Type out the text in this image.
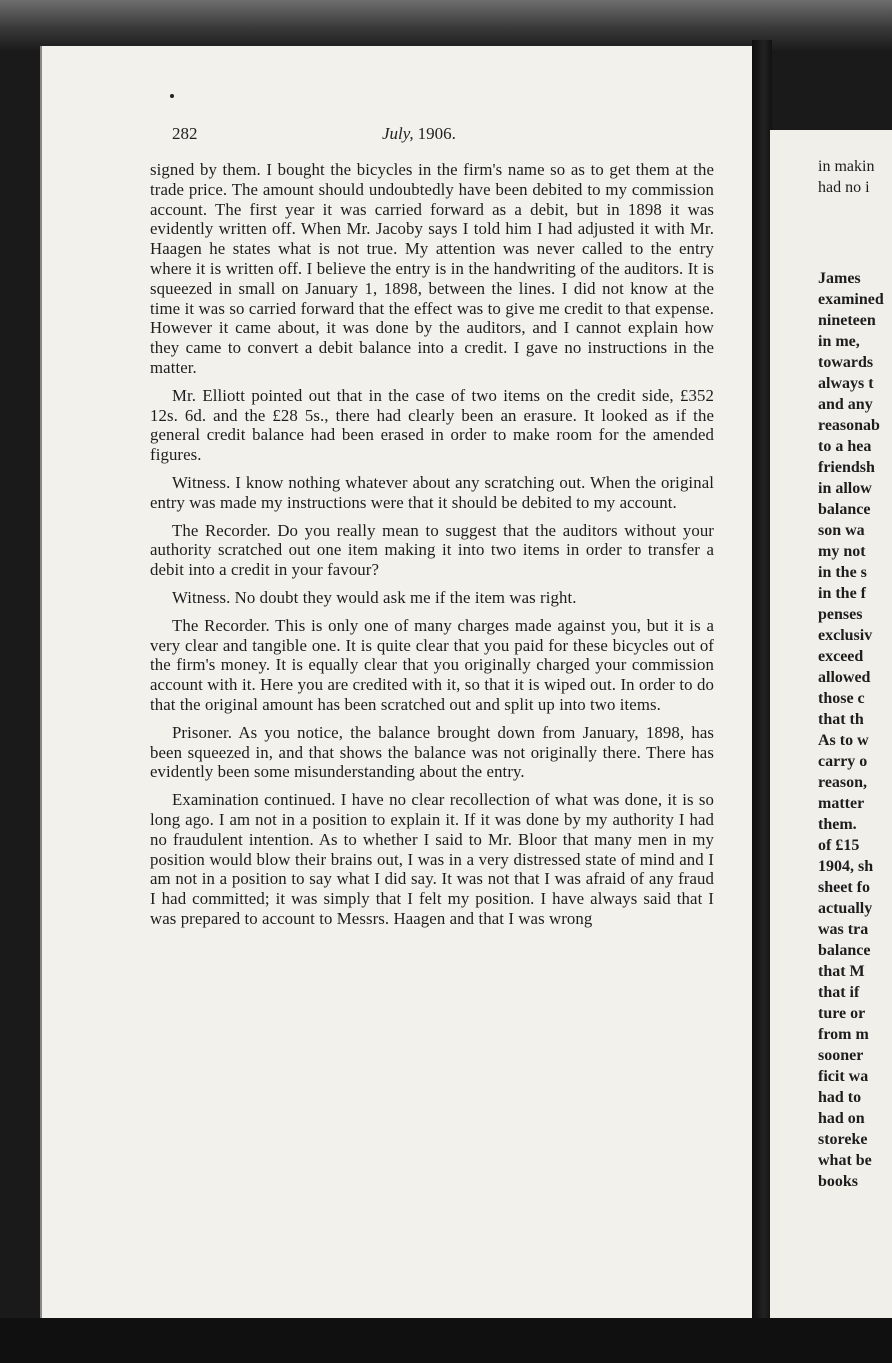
282	July, 1906.

signed by them. I bought the bicycles in the firm's name so as to get them at the trade price. The amount should undoubtedly have been debited to my commission account. The first year it was carried forward as a debit, but in 1898 it was evidently written off. When Mr. Jacoby says I told him I had adjusted it with Mr. Haagen he states what is not true. My attention was never called to the entry where it is written off. I believe the entry is in the handwriting of the auditors. It is squeezed in small on January 1, 1898, between the lines. I did not know at the time it was so carried forward that the effect was to give me credit to that expense. However it came about, it was done by the auditors, and I cannot explain how they came to convert a debit balance into a credit. I gave no instructions in the matter.

Mr. Elliott pointed out that in the case of two items on the credit side, £352 12s. 6d. and the £28 5s., there had clearly been an erasure. It looked as if the general credit balance had been erased in order to make room for the amended figures.

Witness. I know nothing whatever about any scratching out. When the original entry was made my instructions were that it should be debited to my account.

The Recorder. Do you really mean to suggest that the auditors without your authority scratched out one item making it into two items in order to transfer a debit into a credit in your favour?

Witness. No doubt they would ask me if the item was right.

The Recorder. This is only one of many charges made against you, but it is a very clear and tangible one. It is quite clear that you paid for these bicycles out of the firm's money. It is equally clear that you originally charged your commission account with it. Here you are credited with it, so that it is wiped out. In order to do that the original amount has been scratched out and split up into two items.

Prisoner. As you notice, the balance brought down from January, 1898, has been squeezed in, and that shows the balance was not originally there. There has evidently been some misunderstanding about the entry.

Examination continued. I have no clear recollection of what was done, it is so long ago. I am not in a position to explain it. If it was done by my authority I had no fraudulent intention. As to whether I said to Mr. Bloor that many men in my position would blow their brains out, I was in a very distressed state of mind and I am not in a position to say what I did say. It was not that I was afraid of any fraud I had committed; it was simply that I felt my position. I have always said that I was prepared to account to Messrs. Haagen and that I was wrong

in makin
had no i
James
examined
nineteen
in me,
towards
always t
and any
reasonab
to a hea
friendsh
in allow
balance
son wa
my not
in the s
in the f
penses
exclusiv
exceed
allowed
those c
that th
As to w
carry o
reason,
matter
them.
of £15
1904, sh
sheet fo
actually
was tra
balance
that M
that if
ture or
from m
sooner
ficit wa
had to
had on
storeke
what be
books
